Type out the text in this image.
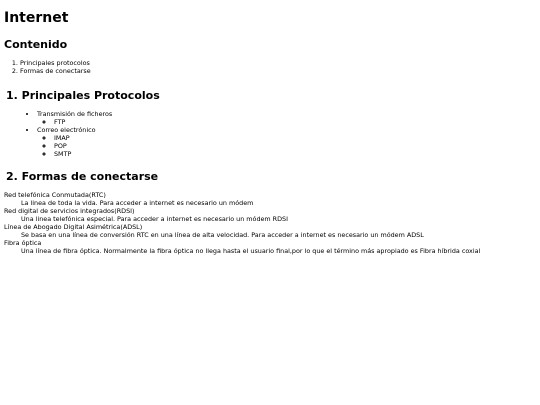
Internet
Contenido
1. Principales protocolos
2. Formas de conectarse
1. Principales Protocolos
• Transmisión de ficheros
◦ FTP
• Correo electrónico
◦ IMAP
◦ POP
◦ SMTP
2. Formas de conectarse
Red telefónica Conmutada(RTC)
La linea de toda la vida. Para acceder a internet es necesario un módem
Red digital de servicios integrados(RDSI)
Una linea telefónica especial. Para acceder a internet es necesario un módem RDSI
Línea de Abogado Digital Asimétrica(ADSL)
Se basa en una línea de conversión RTC en una línea de alta velocidad. Para acceder a internet es necesario un módem ADSL
Fibra óptica
Una línea de fibra óptica. Normalmente la fibra óptica no llega hasta el usuario final,por lo que el término más apropiado es Fibra híbrida coxial
